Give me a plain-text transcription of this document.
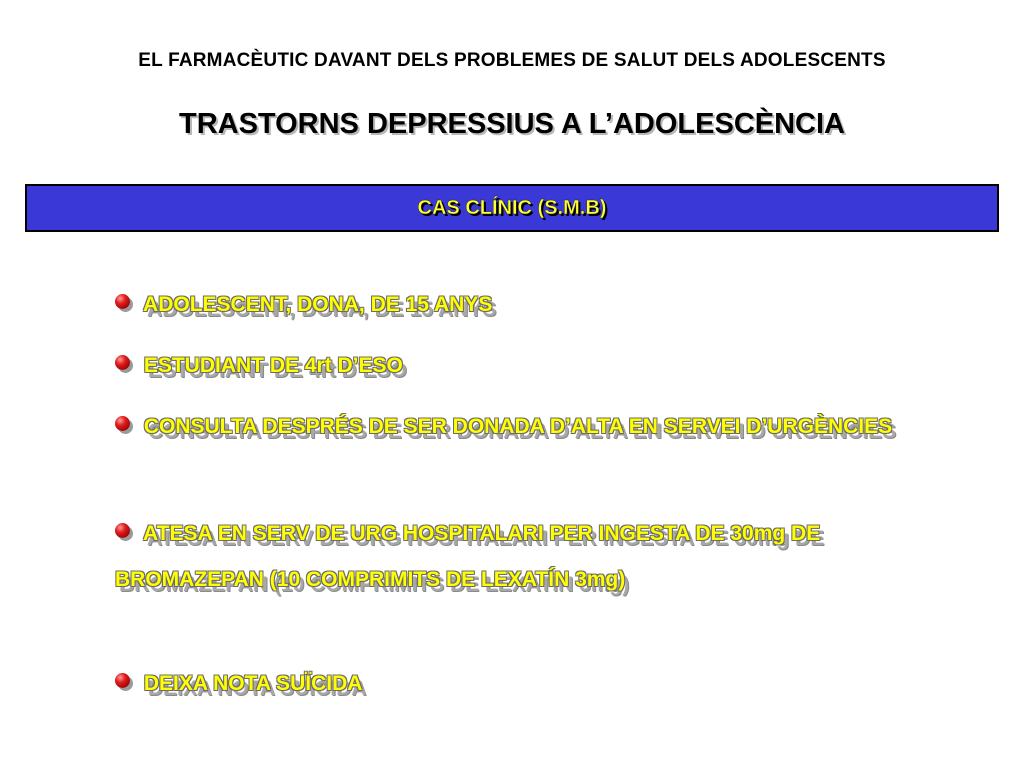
EL FARMACÈUTIC DAVANT DELS PROBLEMES DE SALUT DELS ADOLESCENTS
TRASTORNS DEPRESSIUS A L’ADOLESCÈNCIA
CAS CLÍNIC (S.M.B)
ADOLESCENT, DONA, DE 15 ANYS
ESTUDIANT DE 4rt D’ESO
CONSULTA DESPRÉS DE SER DONADA D’ALTA EN SERVEI D’URGÈNCIES
ATESA EN SERV DE URG HOSPITALARI PER INGESTA DE 30mg DE BROMAZEPAN (10 COMPRIMITS DE LEXATÍN 3mg)
DEIXA NOTA SUÏCIDA
